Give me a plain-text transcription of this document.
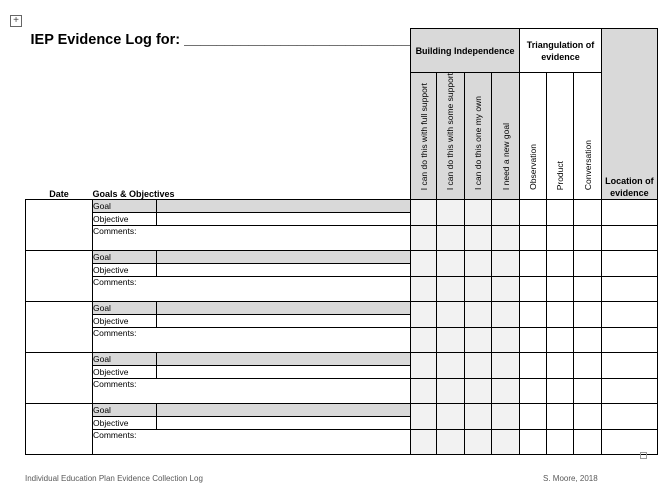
+
IEP Evidence Log for: ____________________________			Building Independence				Triangulation of evidence			Location of evidence
Date	Goals & Objectives		I can do this with full support	I can do this with some support	I can do this one my own	I need a new goal	Observation	Product	Conversation	
	Goal									
	Objective									
	Comments:									

	Goal									
	Objective									
	Comments:									

	Goal									
	Objective									
	Comments:									

	Goal									
	Objective									
	Comments:									

	Goal									
	Objective									
	Comments:									

Individual Education Plan Evidence Collection Log	S. Moore, 2018
